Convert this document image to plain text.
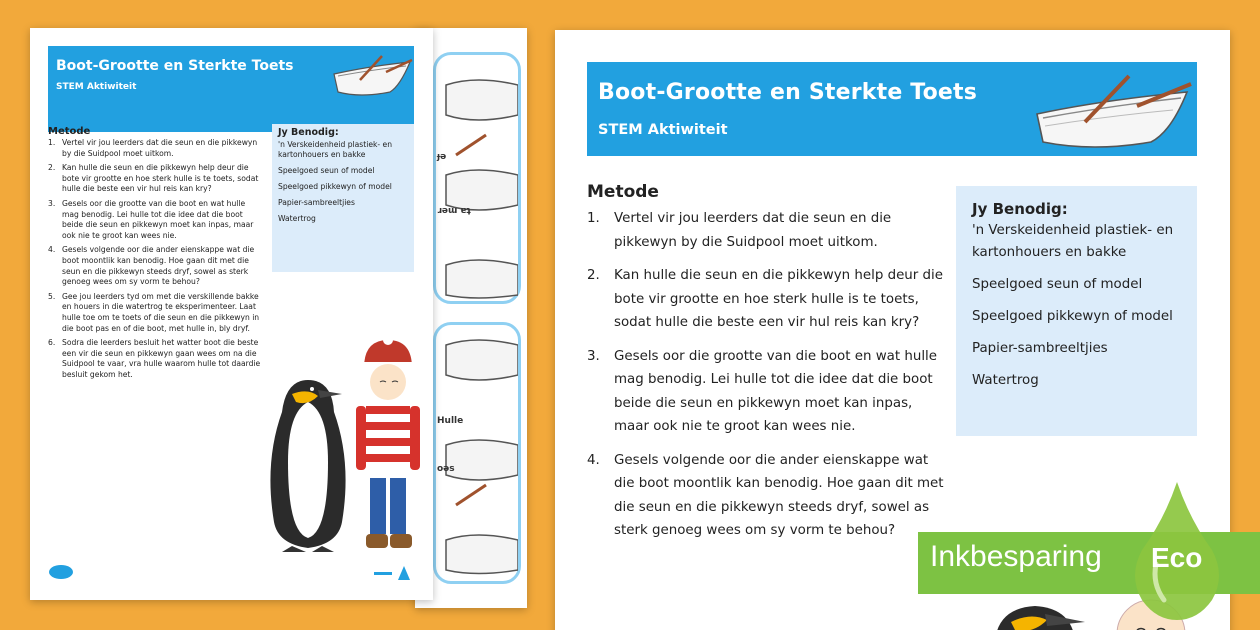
ɟə
ɹəɯ ɐʇ
Hulle
oəs
Boot-Grootte en Sterkte Toets
STEM Aktiwiteit
Metode
1. Vertel vir jou leerders dat die seun en die pikkewyn by die Suidpool moet uitkom.
2. Kan hulle die seun en die pikkewyn help deur die bote vir grootte en hoe sterk hulle is te toets, sodat hulle die beste een vir hul reis kan kry?
3. Gesels oor die grootte van die boot en wat hulle mag benodig. Lei hulle tot die idee dat die boot beide die seun en pikkewyn moet kan inpas, maar ook nie te groot kan wees nie.
4. Gesels volgende oor die ander eienskappe wat die boot moontlik kan benodig. Hoe gaan dit met die seun en die pikkewyn steeds dryf, sowel as sterk genoeg wees om sy vorm te behou?
5. Gee jou leerders tyd om met die verskillende bakke en houers in die watertrog te eksperimenteer. Laat hulle toe om te toets of die seun en die pikkewyn in die boot pas en of die boot, met hulle in, bly dryf.
6. Sodra die leerders besluit het watter boot die beste een vir die seun en pikkewyn gaan wees om na die Suidpool te vaar, vra hulle waarom hulle tot daardie besluit gekom het.
Jy Benodig:
'n Verskeidenheid plastiek- en kartonhouers en bakke
Speelgoed seun of model
Speelgoed pikkewyn of model
Papier-sambreeltjies
Watertrog
Boot-Grootte en Sterkte Toets
STEM Aktiwiteit
Metode
1.	Vertel vir jou leerders dat die seun en die pikkewyn by die Suidpool moet uitkom.
2.	Kan hulle die seun en die pikkewyn help deur die bote vir grootte en hoe sterk hulle is te toets, sodat hulle die beste een vir hul reis kan kry?
3.	Gesels oor die grootte van die boot en wat hulle mag benodig. Lei hulle tot die idee dat die boot beide die seun en pikkewyn moet kan inpas, maar ook nie te groot kan wees nie.
4.	Gesels volgende oor die ander eienskappe wat die boot moontlik kan benodig. Hoe gaan dit met die seun en die pikkewyn steeds dryf, sowel as sterk genoeg wees om sy vorm te behou?
Jy Benodig:
'n Verskeidenheid plastiek- en kartonhouers en bakke
Speelgoed seun of model
Speelgoed pikkewyn of model
Papier-sambreeltjies
Watertrog
Inkbesparing Eco
